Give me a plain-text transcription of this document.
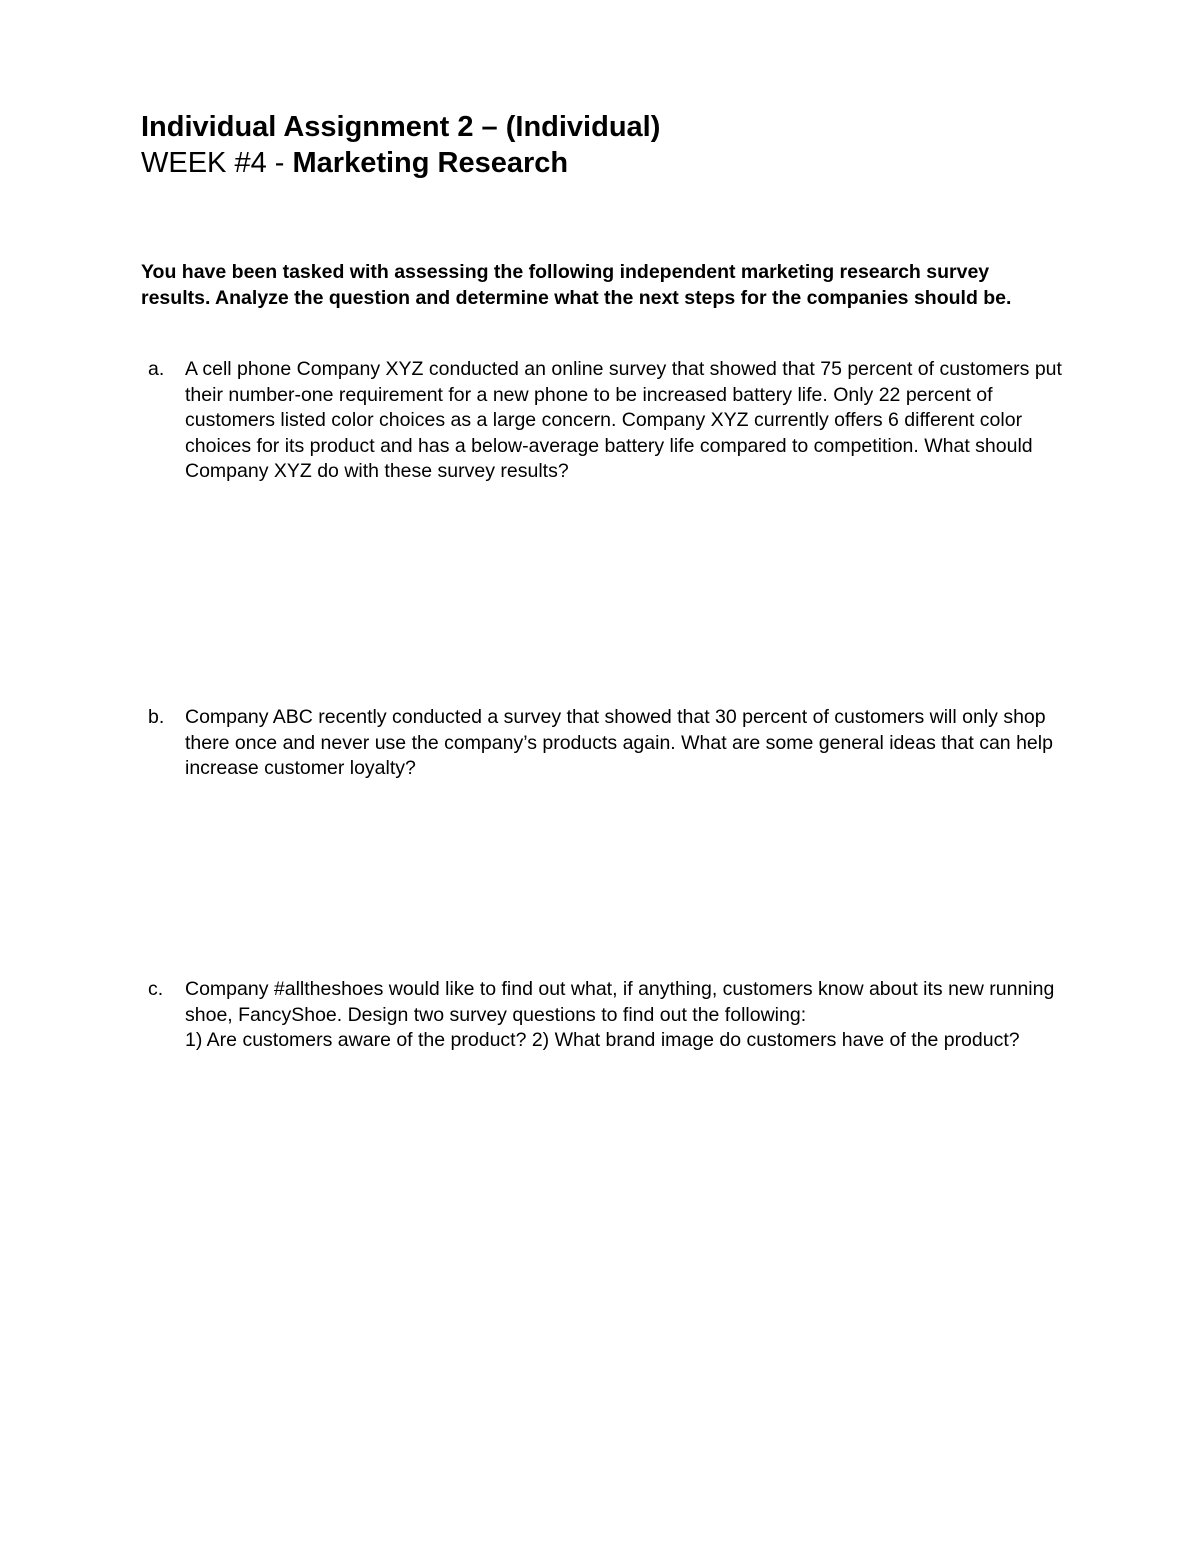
Individual Assignment 2 – (Individual)
WEEK #4 - Marketing Research

You have been tasked with assessing the following independent marketing research survey results. Analyze the question and determine what the next steps for the companies should be.

a. A cell phone Company XYZ conducted an online survey that showed that 75 percent of customers put their number-one requirement for a new phone to be increased battery life. Only 22 percent of customers listed color choices as a large concern. Company XYZ currently offers 6 different color choices for its product and has a below-average battery life compared to competition. What should Company XYZ do with these survey results?
b. Company ABC recently conducted a survey that showed that 30 percent of customers will only shop there once and never use the company’s products again. What are some general ideas that can help increase customer loyalty?
c. Company #alltheshoes would like to find out what, if anything, customers know about its new running shoe, FancyShoe. Design two survey questions to find out the following:
1) Are customers aware of the product? 2) What brand image do customers have of the product?
